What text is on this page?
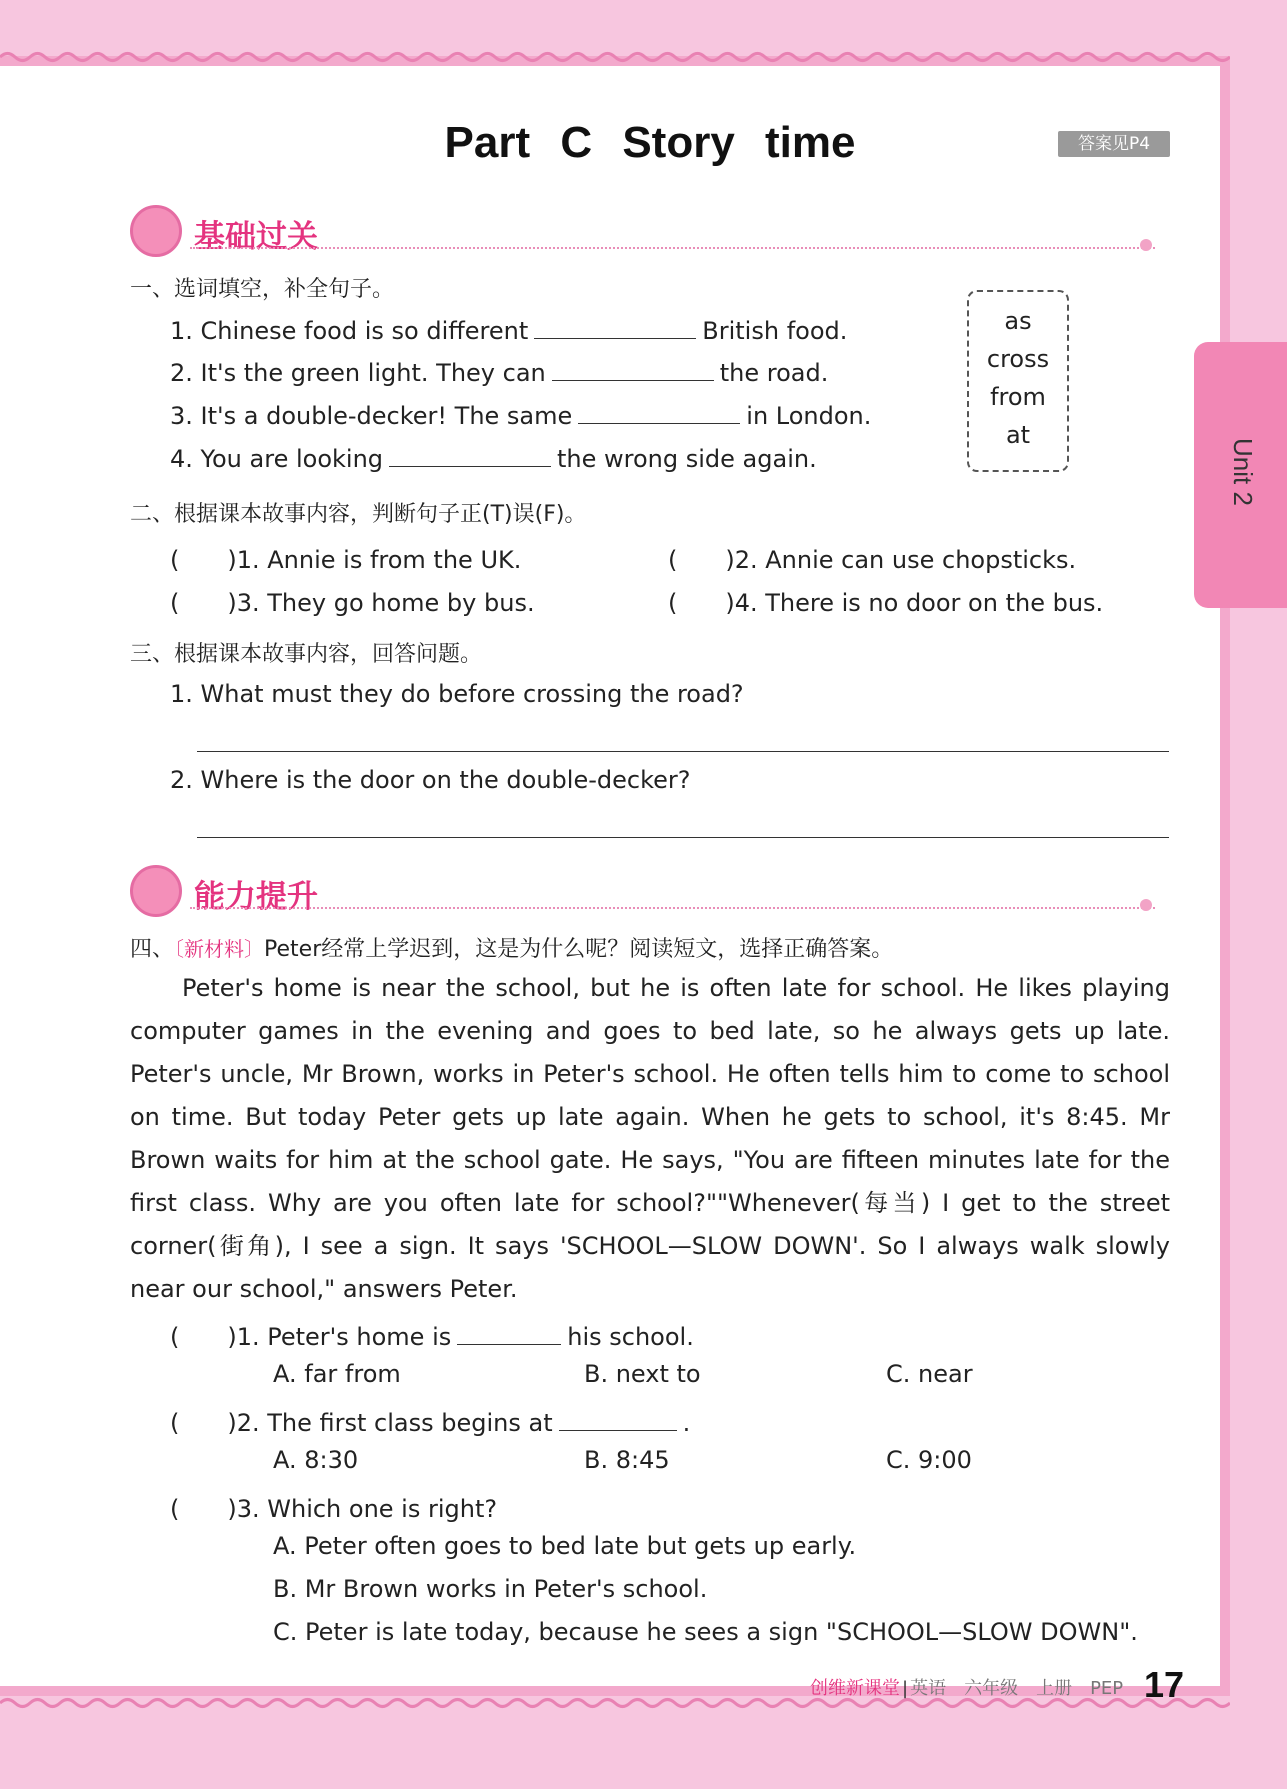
Part C Story time	答案见P4
Unit 2
基础过关
一、选词填空，补全句子。
1. Chinese food is so different	British food.
2. It's the green light. They can	the road.
3. It's a double-decker! The same	in London.
4. You are looking	the wrong side again.
as
cross
from
at
二、根据课本故事内容，判断句子正(T)误(F)。
(　　)1. Annie is from the UK.	(　　)2. Annie can use chopsticks.
(　　)3. They go home by bus.	(　　)4. There is no door on the bus.
三、根据课本故事内容，回答问题。
1. What must they do before crossing the road?
2. Where is the door on the double-decker?
能力提升
四、〔新材料〕Peter经常上学迟到，这是为什么呢？阅读短文，选择正确答案。

Peter's home is near the school, but he is often late for school. He likes playing computer games in the evening and goes to bed late, so he always gets up late. Peter's uncle, Mr Brown, works in Peter's school. He often tells him to come to school on time. But today Peter gets up late again. When he gets to school, it's 8:45. Mr Brown waits for him at the school gate. He says, "You are fifteen minutes late for the first class. Why are you often late for school?""Whenever(每当) I get to the street corner(街角), I see a sign. It says 'SCHOOL—SLOW DOWN'. So I always walk slowly near our school," answers Peter.

(　　)1. Peter's home is	his school.
A. far from	B. next to	C. near
(　　)2. The first class begins at	.
A. 8:30	B. 8:45	C. 9:00
(　　)3. Which one is right?
A. Peter often goes to bed late but gets up early.
B. Mr Brown works in Peter's school.
C. Peter is late today, because he sees a sign "SCHOOL—SLOW DOWN".
创维新课堂 | 英语　六年级　上册　PEP 17
